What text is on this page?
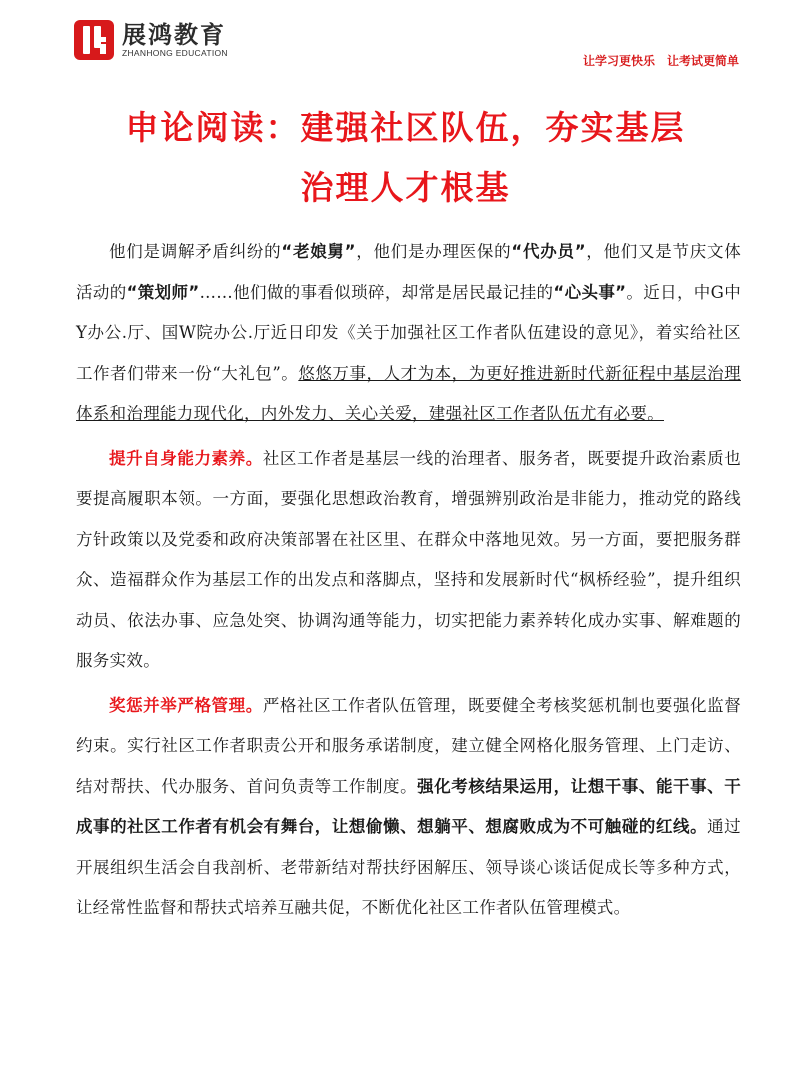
展鸿教育
ZHANHONG EDUCATION
让学习更快乐 让考试更简单
申论阅读：建强社区队伍，夯实基层
治理人才根基

他们是调解矛盾纠纷的“老娘舅”，他们是办理医保的“代办员”，他们又是节庆文体活动的“策划师”……他们做的事看似琐碎，却常是居民最记挂的“心头事”。近日，中G中Y办公.厅、国W院办公.厅近日印发《关于加强社区工作者队伍建设的意见》，着实给社区工作者们带来一份“大礼包”。悠悠万事，人才为本，为更好推进新时代新征程中基层治理体系和治理能力现代化，内外发力、关心关爱，建强社区工作者队伍尤有必要。

提升自身能力素养。社区工作者是基层一线的治理者、服务者，既要提升政治素质也要提高履职本领。一方面，要强化思想政治教育，增强辨别政治是非能力，推动党的路线方针政策以及党委和政府决策部署在社区里、在群众中落地见效。另一方面，要把服务群众、造福群众作为基层工作的出发点和落脚点，坚持和发展新时代“枫桥经验”，提升组织动员、依法办事、应急处突、协调沟通等能力，切实把能力素养转化成办实事、解难题的服务实效。

奖惩并举严格管理。严格社区工作者队伍管理，既要健全考核奖惩机制也要强化监督约束。实行社区工作者职责公开和服务承诺制度，建立健全网格化服务管理、上门走访、结对帮扶、代办服务、首问负责等工作制度。强化考核结果运用，让想干事、能干事、干成事的社区工作者有机会有舞台，让想偷懒、想躺平、想腐败成为不可触碰的红线。通过开展组织生活会自我剖析、老带新结对帮扶纾困解压、领导谈心谈话促成长等多种方式，让经常性监督和帮扶式培养互融共促，不断优化社区工作者队伍管理模式。
